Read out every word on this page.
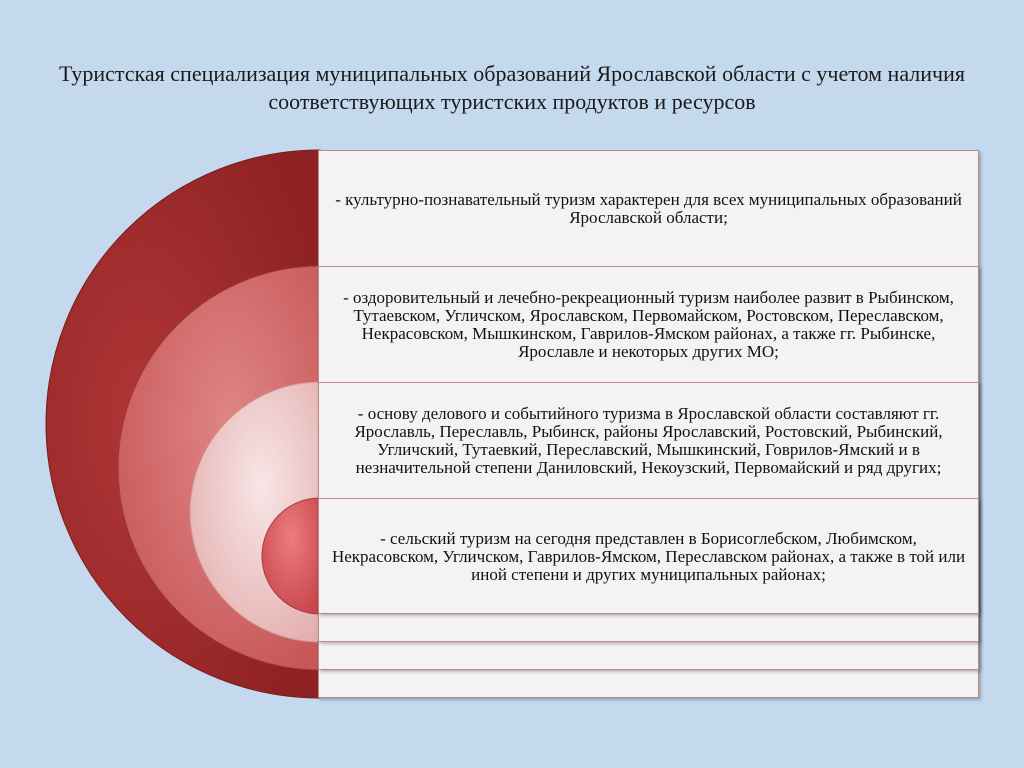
Туристская специализация муниципальных образований Ярославской области с учетом наличия соответствующих туристских продуктов и ресурсов
- культурно-познавательный туризм характерен для всех муниципальных образований Ярославской области;
- оздоровительный и лечебно-рекреационный туризм наиболее развит в Рыбинском, Тутаевском, Угличском, Ярославском, Первомайском, Ростовском, Переславском, Некрасовском, Мышкинском, Гаврилов-Ямском районах, а также гг. Рыбинске, Ярославле и некоторых других МО;
- основу делового и событийного туризма в Ярославской области составляют гг. Ярославль, Переславль, Рыбинск, районы Ярославский, Ростовский, Рыбинский, Угличский, Тутаевкий, Переславский, Мышкинский, Говрилов-Ямский и в незначительной степени Даниловский, Некоузский, Первомайский и ряд других;
- сельский туризм на сегодня представлен в Борисоглебском, Любимском, Некрасовском, Угличском, Гаврилов-Ямском, Переславском районах, а также в той или иной степени и других муниципальных районах;
